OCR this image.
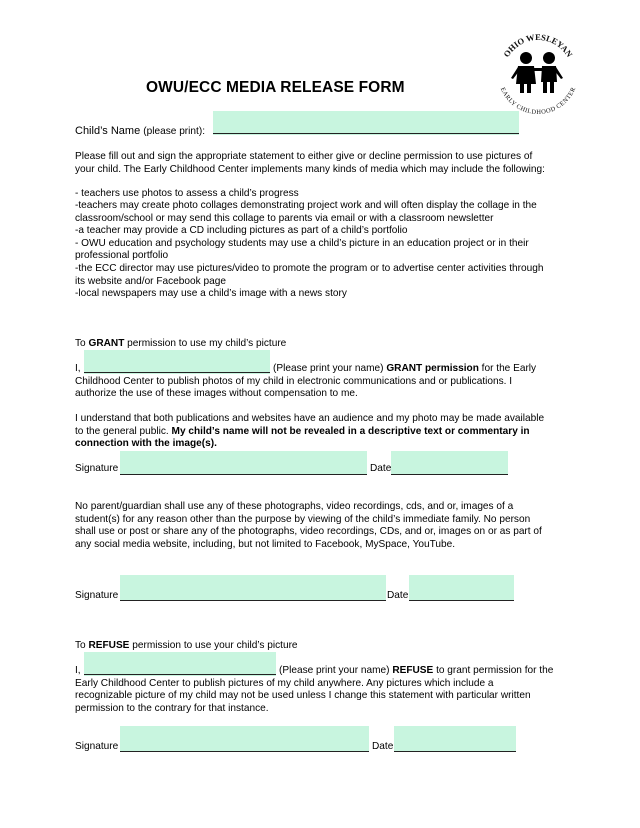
OHIO WESLEYAN
EARLY CHILDHOOD CENTER
OWU/ECC MEDIA RELEASE FORM
Child’s Name (please print):
Please fill out and sign the appropriate statement to either give or decline permission to use pictures of
your child. The Early Childhood Center implements many kinds of media which may include the following:
- teachers use photos to assess a child’s progress
-teachers may create photo collages demonstrating project work and will often display the collage in the
classroom/school or may send this collage to parents via email or with a classroom newsletter
-a teacher may provide a CD including pictures as part of a child’s portfolio
- OWU education and psychology students may use a child’s picture in an education project or in their
professional portfolio
-the ECC director may use pictures/video to promote the program or to advertise center activities through
its website and/or Facebook page
-local newspapers may use a child’s image with a news story
To GRANT permission to use my child’s picture
I,	(Please print your name) GRANT permission for the Early
Childhood Center to publish photos of my child in electronic communications and or publications. I
authorize the use of these images without compensation to me.
I understand that both publications and websites have an audience and my photo may be made available
to the general public. My child’s name will not be revealed in a descriptive text or commentary in
connection with the image(s).
Signature	Date
No parent/guardian shall use any of these photographs, video recordings, cds, and or, images of a
student(s) for any reason other than the purpose by viewing of the child’s immediate family. No person
shall use or post or share any of the photographs, video recordings, CDs, and or, images on or as part of
any social media website, including, but not limited to Facebook, MySpace, YouTube.
Signature	Date
To REFUSE permission to use your child’s picture
I,	(Please print your name) REFUSE to grant permission for the
Early Childhood Center to publish pictures of my child anywhere. Any pictures which include a
recognizable picture of my child may not be used unless I change this statement with particular written
permission to the contrary for that instance.
Signature	Date
